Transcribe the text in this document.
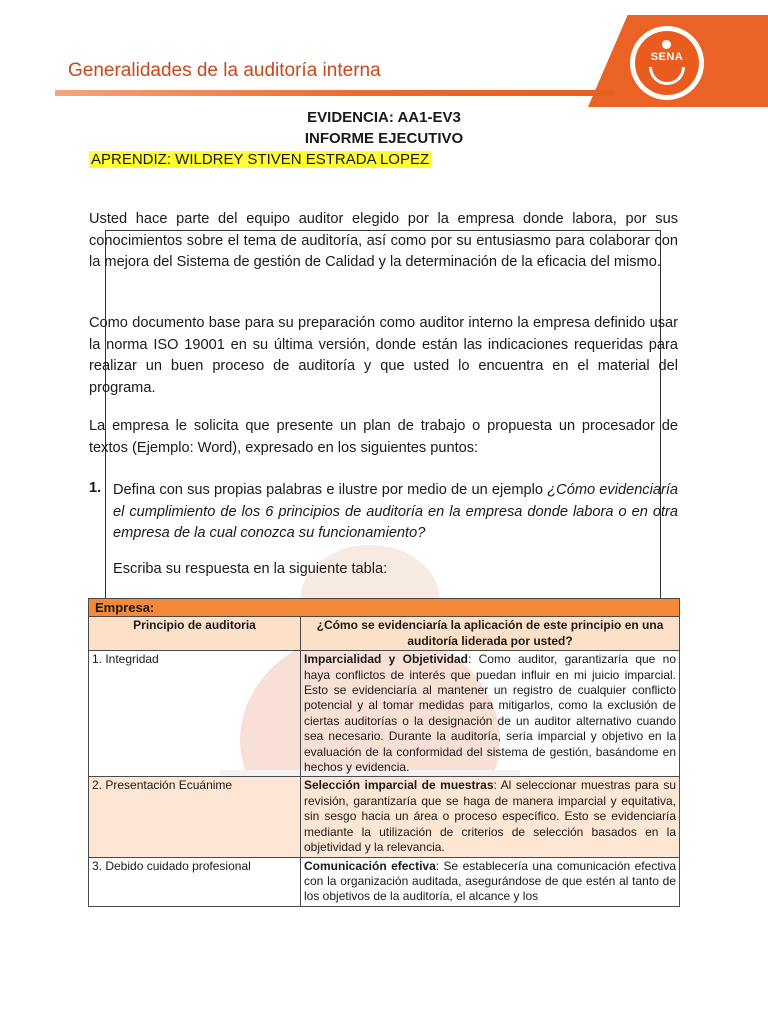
SENA
Generalidades de la auditoría interna
EVIDENCIA: AA1-EV3
INFORME EJECUTIVO
APRENDIZ: WILDREY STIVEN ESTRADA LOPEZ

Usted hace parte del equipo auditor elegido por la empresa donde labora, por sus conocimientos sobre el tema de auditoría, así como por su entusiasmo para colaborar con la mejora del Sistema de gestión de Calidad y la determinación de la eficacia del mismo.

Como documento base para su preparación como auditor interno la empresa definido usar la norma ISO 19001 en su última versión, donde están las indicaciones requeridas para realizar un buen proceso de auditoría y que usted lo encuentra en el material del programa.

La empresa le solicita que presente un plan de trabajo o propuesta un procesador de textos (Ejemplo: Word), expresado en los siguientes puntos:

1. Defina con sus propias palabras e ilustre por medio de un ejemplo ¿Cómo evidenciaría el cumplimiento de los 6 principios de auditoría en la empresa donde labora o en otra empresa de la cual conozca su funcionamiento?

Escriba su respuesta en la siguiente tabla:
Empresa:	
Principio de auditoria	¿Cómo se evidenciaría la aplicación de este principio en una auditoría liderada por usted?
1. Integridad	Imparcialidad y Objetividad: Como auditor, garantizaría que no haya conflictos de interés que puedan influir en mi juicio imparcial. Esto se evidenciaría al mantener un registro de cualquier conflicto potencial y al tomar medidas para mitigarlos, como la exclusión de ciertas auditorías o la designación de un auditor alternativo cuando sea necesario. Durante la auditoría, sería imparcial y objetivo en la evaluación de la conformidad del sistema de gestión, basándome en hechos y evidencia.
2. Presentación Ecuánime	Selección imparcial de muestras: Al seleccionar muestras para su revisión, garantizaría que se haga de manera imparcial y equitativa, sin sesgo hacia un área o proceso específico. Esto se evidenciaría mediante la utilización de criterios de selección basados en la objetividad y la relevancia.
3. Debido cuidado profesional	Comunicación efectiva: Se establecería una comunicación efectiva con la organización auditada, asegurándose de que estén al tanto de los objetivos de la auditoría, el alcance y los
